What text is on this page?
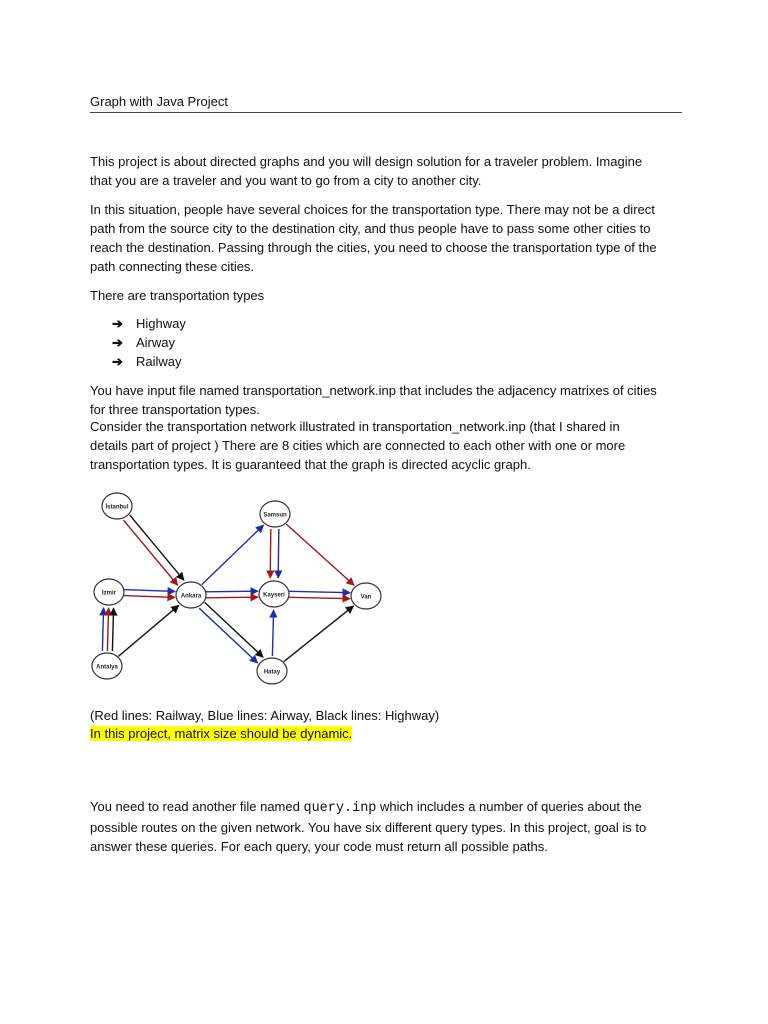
Graph with Java Project

This project is about directed graphs and you will design solution for a traveler problem. Imagine that you are a traveler and you want to go from a city to another city.

In this situation, people have several choices for the transportation type. There may not be a direct path from the source city to the destination city, and thus people have to pass some other cities to reach the destination. Passing through the cities, you need to choose the transportation type of the path connecting these cities.

There are transportation types

➔	Highway
➔	Airway
➔	Railway

You have input file named transportation_network.inp that includes the adjacency matrixes of cities for three transportation types.

Consider the transportation network illustrated in transportation_network.inp (that I shared in details part of project ) There are 8 cities which are connected to each other with one or more transportation types. It is guaranteed that the graph is directed acyclic graph.

(Red lines: Railway, Blue lines: Airway, Black lines: Highway)

In this project, matrix size should be dynamic.

You need to read another file named query.inp which includes a number of queries about the possible routes on the given network. You have six different query types. In this project, goal is to answer these queries. For each query, your code must return all possible paths.

İstanbul
Samsun
İzmir	Ankara	Kayseri	Van
Antalya
Hatay
